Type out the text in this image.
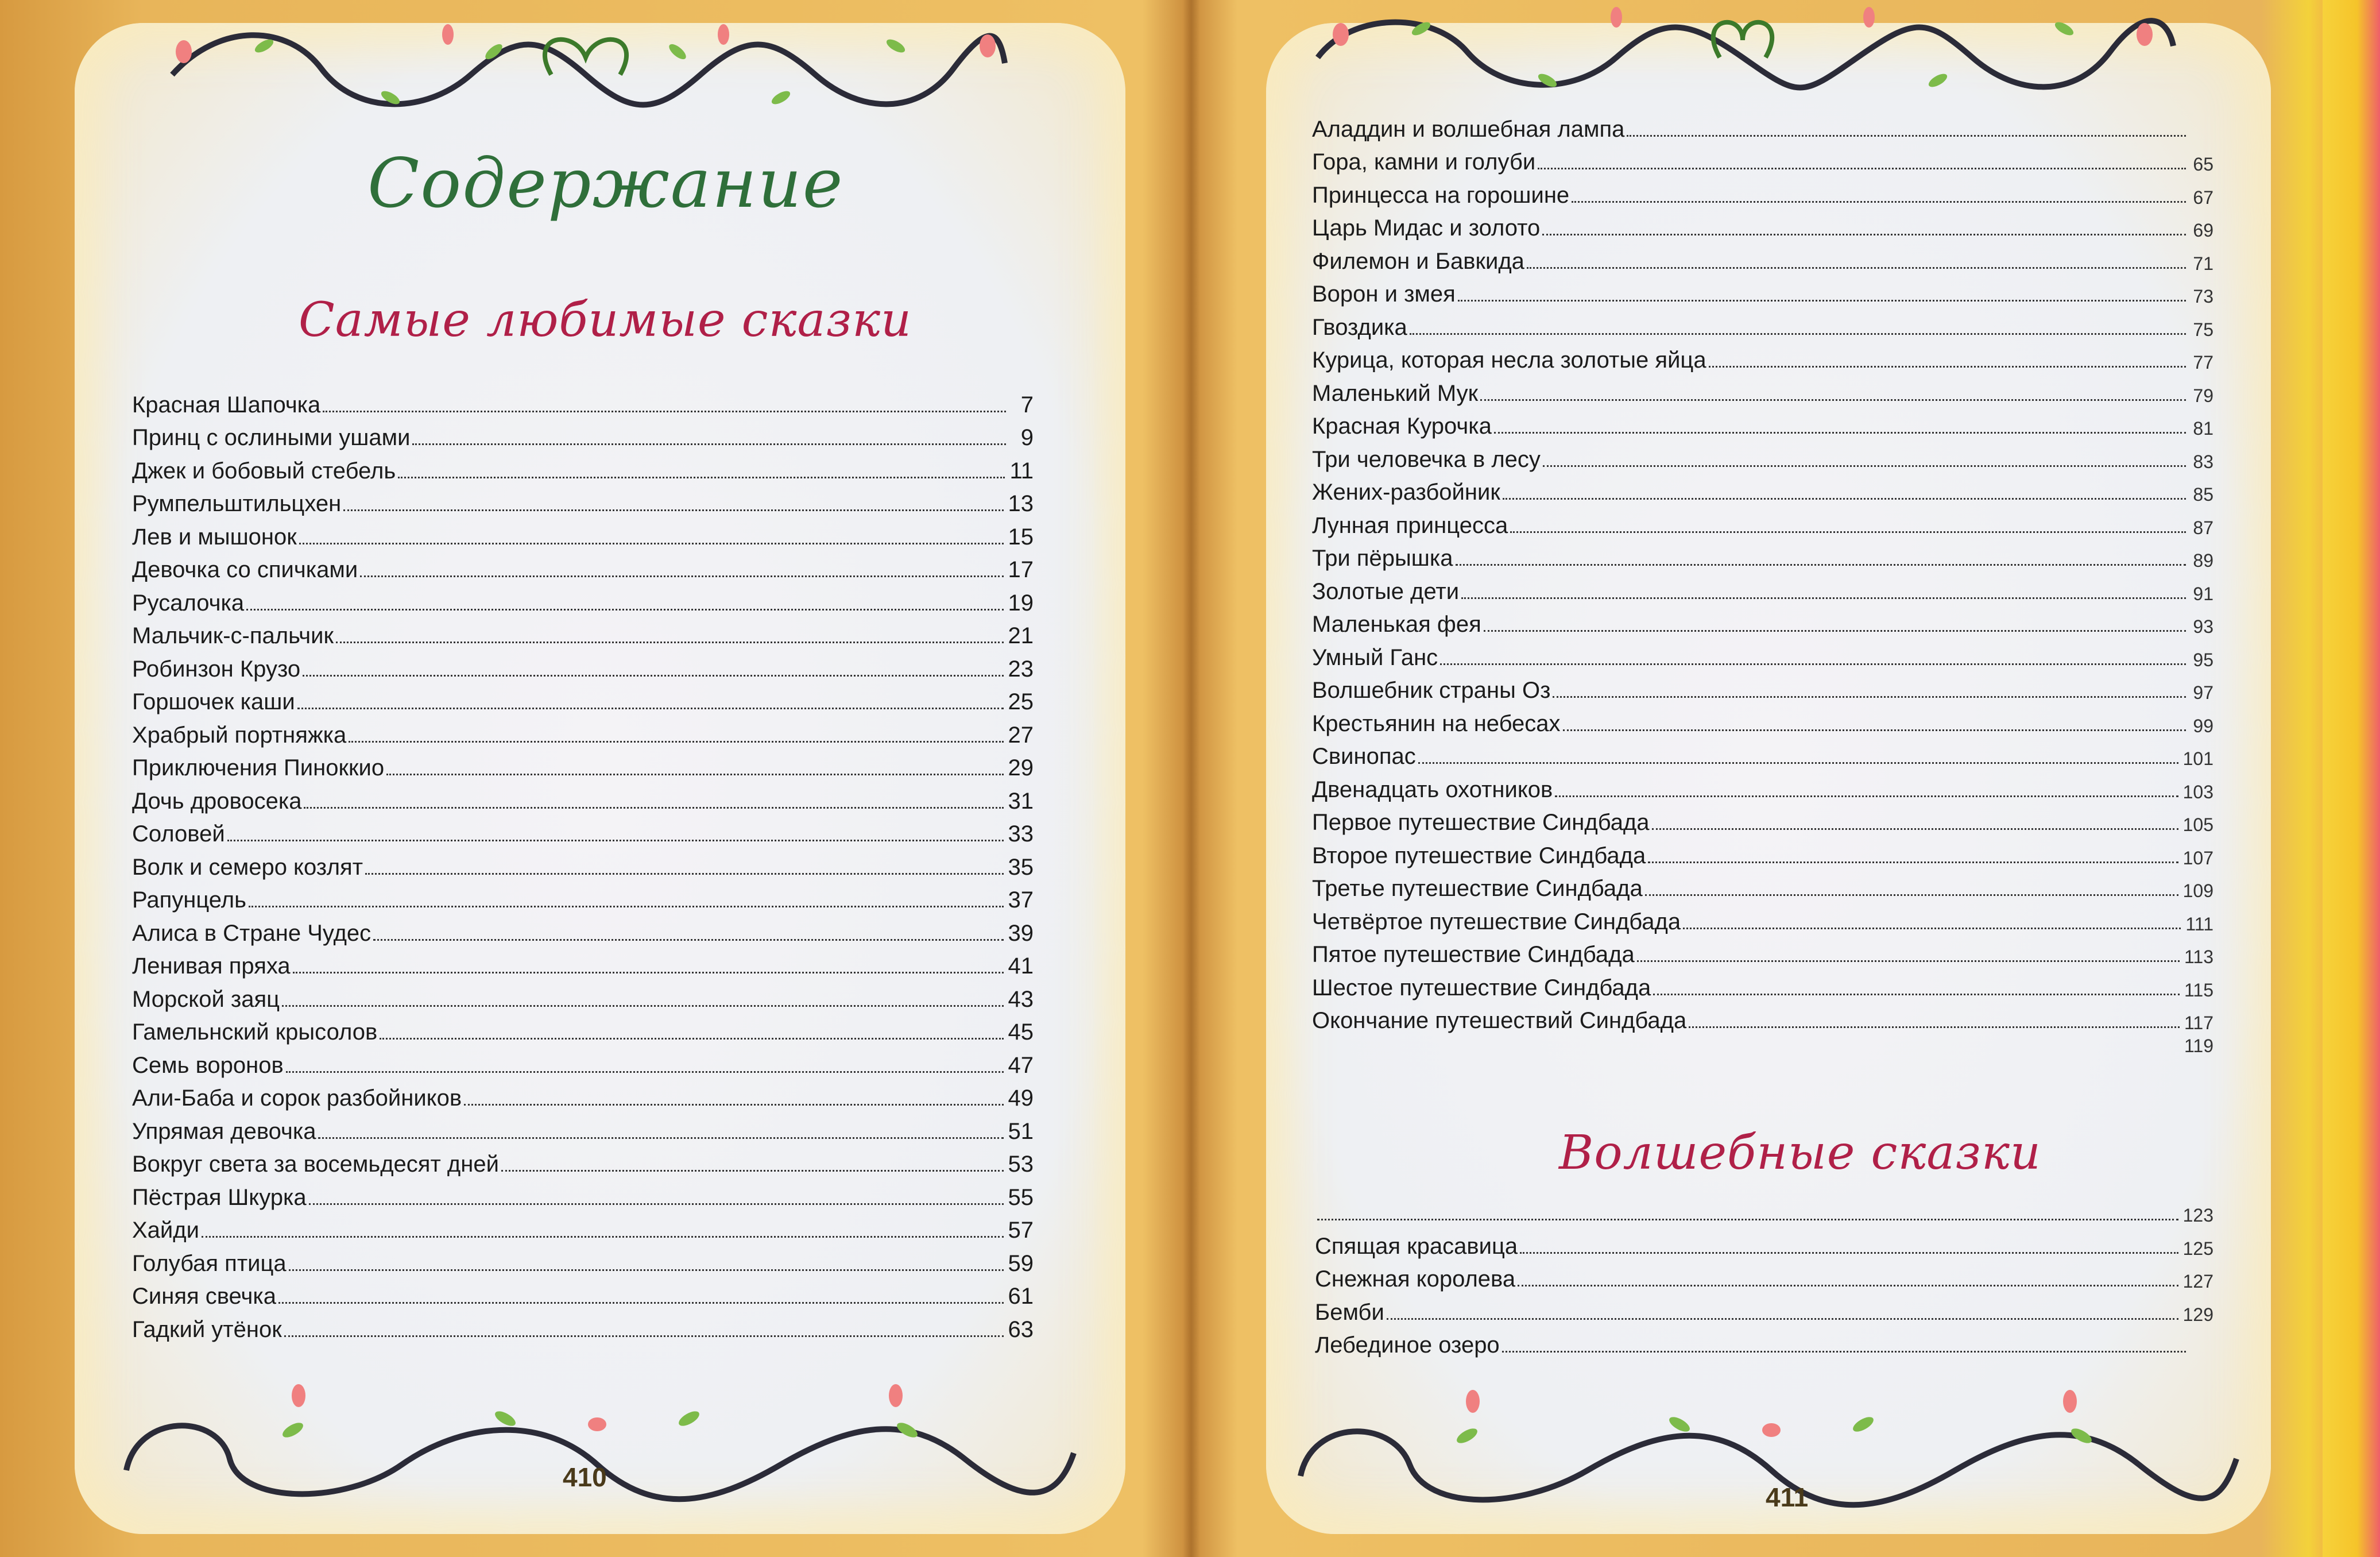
Содержание
Самые любимые сказки
Красная Шапочка	7
Принц с ослиными ушами	9
Джек и бобовый стебель	11
Румпельштильцхен	13
Лев и мышонок	15
Девочка со спичками	17
Русалочка	19
Мальчик-с-пальчик	21
Робинзон Крузо	23
Горшочек каши	25
Храбрый портняжка	27
Приключения Пиноккио	29
Дочь дровосека	31
Соловей	33
Волк и семеро козлят	35
Рапунцель	37
Алиса в Стране Чудес	39
Ленивая пряха	41
Морской заяц	43
Гамельнский крысолов	45
Семь воронов	47
Али-Баба и сорок разбойников	49
Упрямая девочка	51
Вокруг света за восемьдесят дней	53
Пёстрая Шкурка	55
Хайди	57
Голубая птица	59
Синяя свечка	61
Гадкий утёнок	63
410
Аладдин и волшебная лампа
Гора, камни и голуби	65
Принцесса на горошине	67
Царь Мидас и золото	69
Филемон и Бавкида	71
Ворон и змея	73
Гвоздика	75
Курица, которая несла золотые яйца	77
Маленький Мук	79
Красная Курочка	81
Три человечка в лесу	83
Жених-разбойник	85
Лунная принцесса	87
Три пёрышка	89
Золотые дети	91
Маленькая фея	93
Умный Ганс	95
Волшебник страны Оз	97
Крестьянин на небесах	99
Свинопас	101
Двенадцать охотников	103
Первое путешествие Синдбада	105
Второе путешествие Синдбада	107
Третье путешествие Синдбада	109
Четвёртое путешествие Синдбада	111
Пятое путешествие Синдбада	113
Шестое путешествие Синдбада	115
Окончание путешествий Синдбада	117
119
Волшебные сказки
123
Спящая красавица	125
Снежная королева	127
Бемби	129
Лебединое озеро
411
